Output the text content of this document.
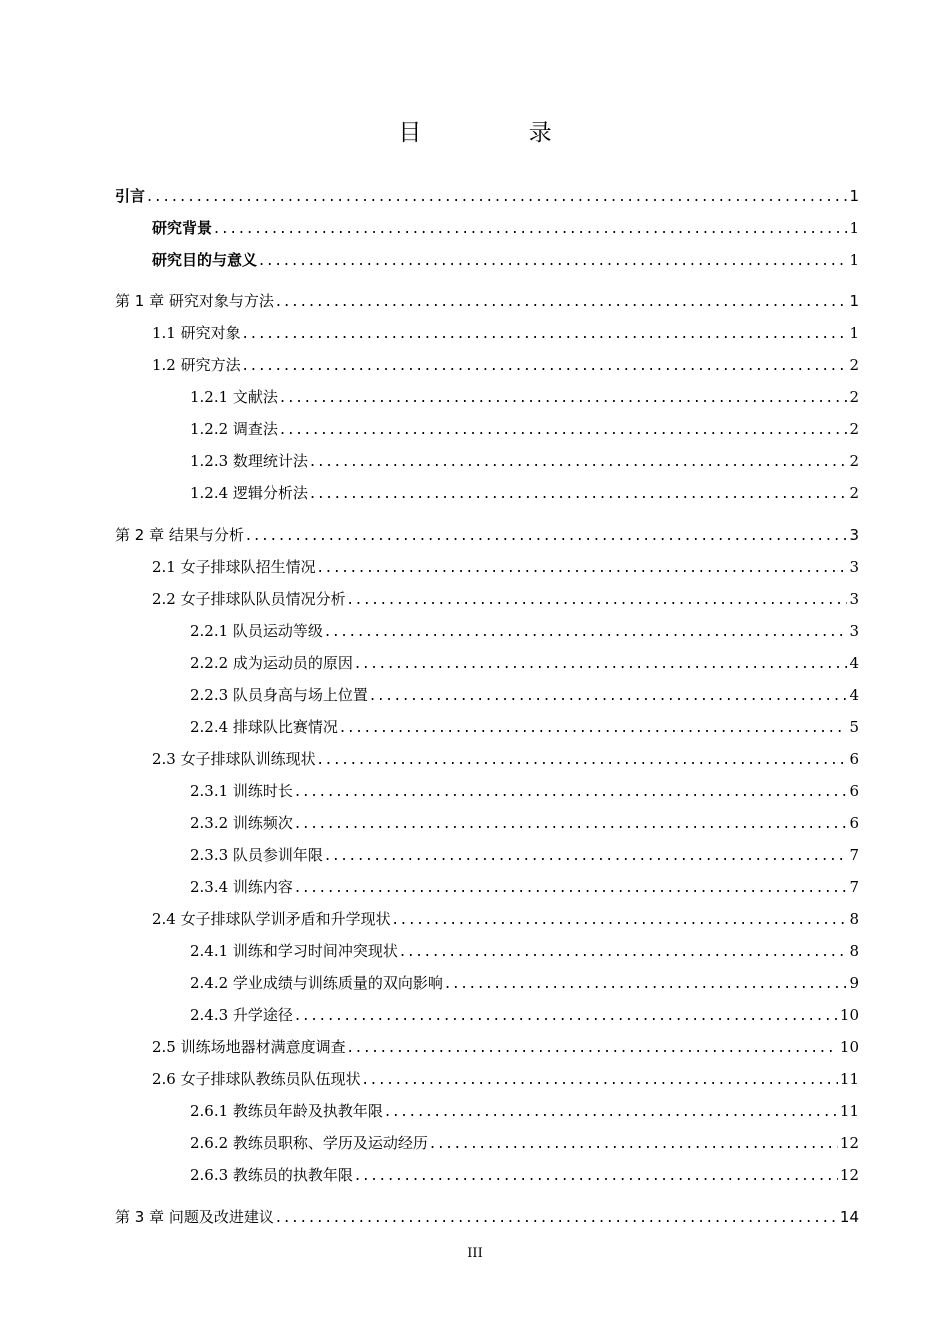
目 录
引言 .....	1
研究背景 .....	1
研究目的与意义 .....	1
第 1 章 研究对象与方法 .....	1
1.1 研究对象 .....	1
1.2 研究方法 .....	2
1.2.1 文献法 .....	2
1.2.2 调查法 .....	2
1.2.3 数理统计法 .....	2
1.2.4 逻辑分析法 .....	2
第 2 章 结果与分析 .....	3
2.1 女子排球队招生情况 .....	3
2.2 女子排球队队员情况分析 .....	3
2.2.1 队员运动等级 .....	3
2.2.2 成为运动员的原因 .....	4
2.2.3 队员身高与场上位置 .....	4
2.2.4 排球队比赛情况 .....	5
2.3 女子排球队训练现状 .....	6
2.3.1 训练时长 .....	6
2.3.2 训练频次 .....	6
2.3.3 队员参训年限 .....	7
2.3.4 训练内容 .....	7
2.4 女子排球队学训矛盾和升学现状 .....	8
2.4.1 训练和学习时间冲突现状 .....	8
2.4.2 学业成绩与训练质量的双向影响 .....	9
2.4.3 升学途径 .....	10
2.5 训练场地器材满意度调查 .....	10
2.6 女子排球队教练员队伍现状 .....	11
2.6.1 教练员年龄及执教年限 .....	11
2.6.2 教练员职称、学历及运动经历 .....	12
2.6.3 教练员的执教年限 .....	12
第 3 章 问题及改进建议 .....	14
III
